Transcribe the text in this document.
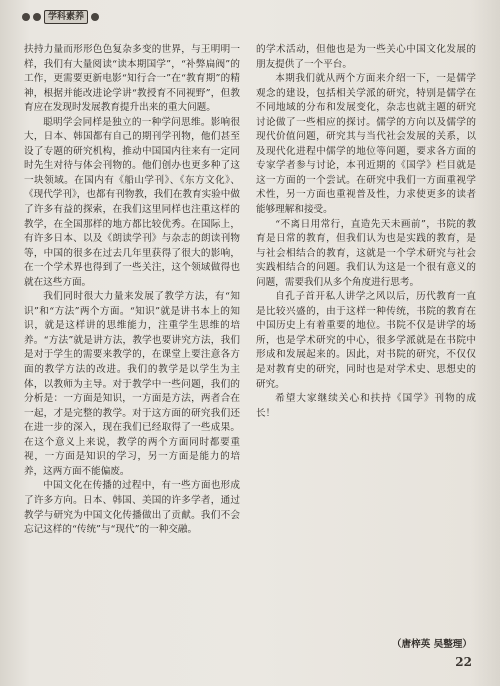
学科素养

扶持力量而形形色色复杂多变的世界，与王明明一样，我们有大量阅读“读本期国学”，“补弊扁阀”的工作，更需要更新电影“知行合一”在“教育期”的精神，根据并能改进论学讲“教授育不同视野”，但教育应在发现时发展教育提升出来的重大问题。

聪明学会同样是独立的一种学问思维。影响很大，日本、韩国都有自己的期刊学刊物，他们甚至设了专题的研究机构，推动中国国内往来有一定同时先生对待与体会刊物的。他们创办也更多种了这一块领域。在国内有《船山学刊》、《东方文化》、《现代学刊》，也都有刊物教，我们在教育实验中做了许多有益的探索，在我们这里同样也注重这样的教学，在全国那样的地方都比较优秀。在国际上，有许多日本、以及《朗读学刊》与杂志的朗读刊物等，中国的很多在过去几年里获得了很大的影响，在一个学术界也得到了一些关注，这个领域做得也就在这些方面。

我们同时很大力量来发展了教学方法，有“知识”和“方法”两个方面。“知识”就是讲书本上的知识，就是这样讲的思维能力，注重学生思维的培养。“方法”就是讲方法，教学也要讲究方法，我们是对于学生的需要来教学的，在课堂上要注意各方面的教学方法的改进。我们的教学是以学生为主体，以教师为主导。对于教学中一些问题，我们的分析是：一方面是知识，一方面是方法，两者合在一起，才是完整的教学。对于这方面的研究我们还在进一步的深入，现在我们已经取得了一些成果。在这个意义上来说，教学的两个方面同时都要重视，一方面是知识的学习，另一方面是能力的培养，这两方面不能偏废。

中国文化在传播的过程中，有一些方面也形成了许多方向。日本、韩国、美国的许多学者，通过教学与研究为中国文化传播做出了贡献。我们不会忘记这样的“传统”与“现代”的一种交融。

的学术活动，但他也是为一些关心中国文化发展的朋友提供了一个平台。

本期我们就从两个方面来介绍一下，一是儒学观念的建设，包括相关学派的研究，特别是儒学在不同地域的分布和发展变化，杂志也就主题的研究讨论做了一些相应的探讨。儒学的方向以及儒学的现代价值问题，研究其与当代社会发展的关系，以及现代化进程中儒学的地位等问题，要求各方面的专家学者参与讨论，本刊近期的《国学》栏目就是这一方面的一个尝试。在研究中我们一方面重视学术性，另一方面也重视普及性，力求使更多的读者能够理解和接受。

“不离日用常行，直造先天未画前”，书院的教育是日常的教育，但我们认为也是实践的教育，是与社会相结合的教育，这就是一个学术研究与社会实践相结合的问题。我们认为这是一个很有意义的问题，需要我们从多个角度进行思考。

自孔子首开私人讲学之风以后，历代教育一直是比较兴盛的，由于这样一种传统，书院的教育在中国历史上有着重要的地位。书院不仅是讲学的场所，也是学术研究的中心，很多学派就是在书院中形成和发展起来的。因此，对书院的研究，不仅仅是对教育史的研究，同时也是对学术史、思想史的研究。

希望大家继续关心和扶持《国学》刊物的成长！

（唐梓英 吴整理）
22
